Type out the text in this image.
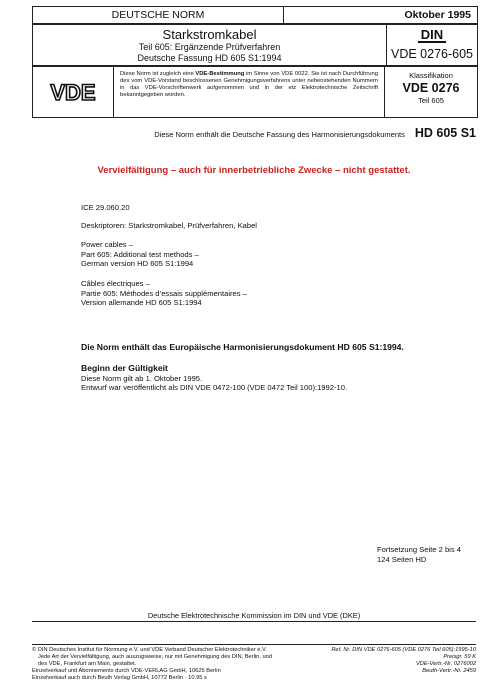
DEUTSCHE NORM	Oktober 1995
Starkstromkabel
Teil 605: Ergänzende Prüfverfahren
Deutsche Fassung HD 605 S1:1994
DIN
VDE 0276-605
VDE
Diese Norm ist zugleich eine VDE-Bestimmung im Sinne von VDE 0022. Sie ist nach Durchführung des vom VDE-Vorstand beschlossenen Genehmigungsverfahrens unter nebenstehenden Nummern in das VDE-Vorschriftenwerk aufgenommen und in der etz Elektrotechnische Zeitschrift bekanntgegeben worden.
Klassifikation
VDE 0276
Teil 605
Diese Norm enthält die Deutsche Fassung des Harmonisierungsdokuments HD 605 S1
Vervielfältigung – auch für innerbetriebliche Zwecke – nicht gestattet.
ICE 29.060.20
Deskriptoren: Starkstromkabel, Prüfverfahren, Kabel
Power cables –
Part 605: Additional test methods –
German version HD 605 S1:1994
Câbles électriques –
Partie 605: Méthodes d’essais supplémentaires –
Version allemande HD 605 S1:1994
Die Norm enthält das Europäische Harmonisierungsdokument HD 605 S1:1994.
Beginn der Gültigkeit
Diese Norm gilt ab 1. Oktober 1995.
Entwurf war veröffentlicht als DIN VDE 0472-100 (VDE 0472 Teil 100):1992-10.
Fortsetzung Seite 2 bis 4
124 Seiten HD
Deutsche Elektrotechnische Kommission im DIN und VDE (DKE)
© DIN Deutsches Institut für Normung e.V. und VDE Verband Deutscher Elektrotechniker e.V.
Jede Art der Vervielfältigung, auch auszugsweise, nur mit Genehmigung des DIN, Berlin, und
des VDE, Frankfurt am Main, gestattet.
Einzelverkauf und Abonnements durch VDE-VERLAG GmbH, 10625 Berlin
Einzelverkauf auch durch Beuth Verlag GmbH, 10772 Berlin · 10.95 s
Ref. Nr. DIN VDE 0276-605 (VDE 0276 Teil 605):1995-10
Preisgr. 59 K
VDE-Vertr.-Nr. 0276002
Beuth-Vertr.-Nr. 2459
